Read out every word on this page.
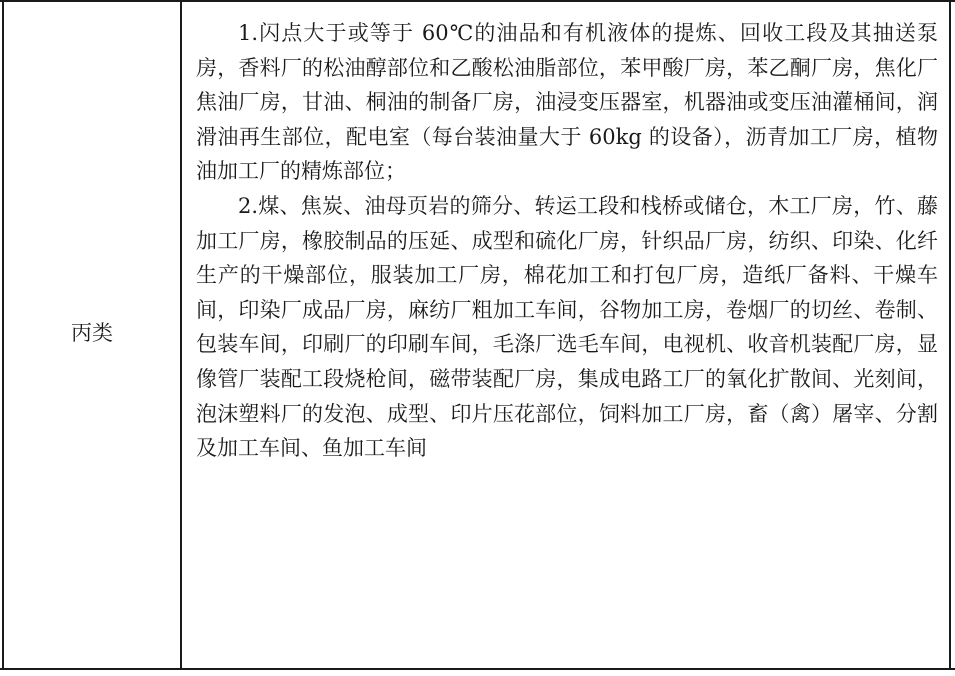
丙类

1.闪点大于或等于 60℃的油品和有机液体的提炼、回收工段及其抽送泵房，香料厂的松油醇部位和乙酸松油脂部位，苯甲酸厂房，苯乙酮厂房，焦化厂焦油厂房，甘油、桐油的制备厂房，油浸变压器室，机器油或变压油灌桶间，润滑油再生部位，配电室（每台装油量大于 60kg 的设备），沥青加工厂房，植物油加工厂的精炼部位；

2.煤、焦炭、油母页岩的筛分、转运工段和栈桥或储仓，木工厂房，竹、藤加工厂房，橡胶制品的压延、成型和硫化厂房，针织品厂房，纺织、印染、化纤生产的干燥部位，服装加工厂房，棉花加工和打包厂房，造纸厂备料、干燥车间，印染厂成品厂房，麻纺厂粗加工车间，谷物加工房，卷烟厂的切丝、卷制、包装车间，印刷厂的印刷车间，毛涤厂选毛车间，电视机、收音机装配厂房，显像管厂装配工段烧枪间，磁带装配厂房，集成电路工厂的氧化扩散间、光刻间，泡沫塑料厂的发泡、成型、印片压花部位，饲料加工厂房，畜（禽）屠宰、分割及加工车间、鱼加工车间
